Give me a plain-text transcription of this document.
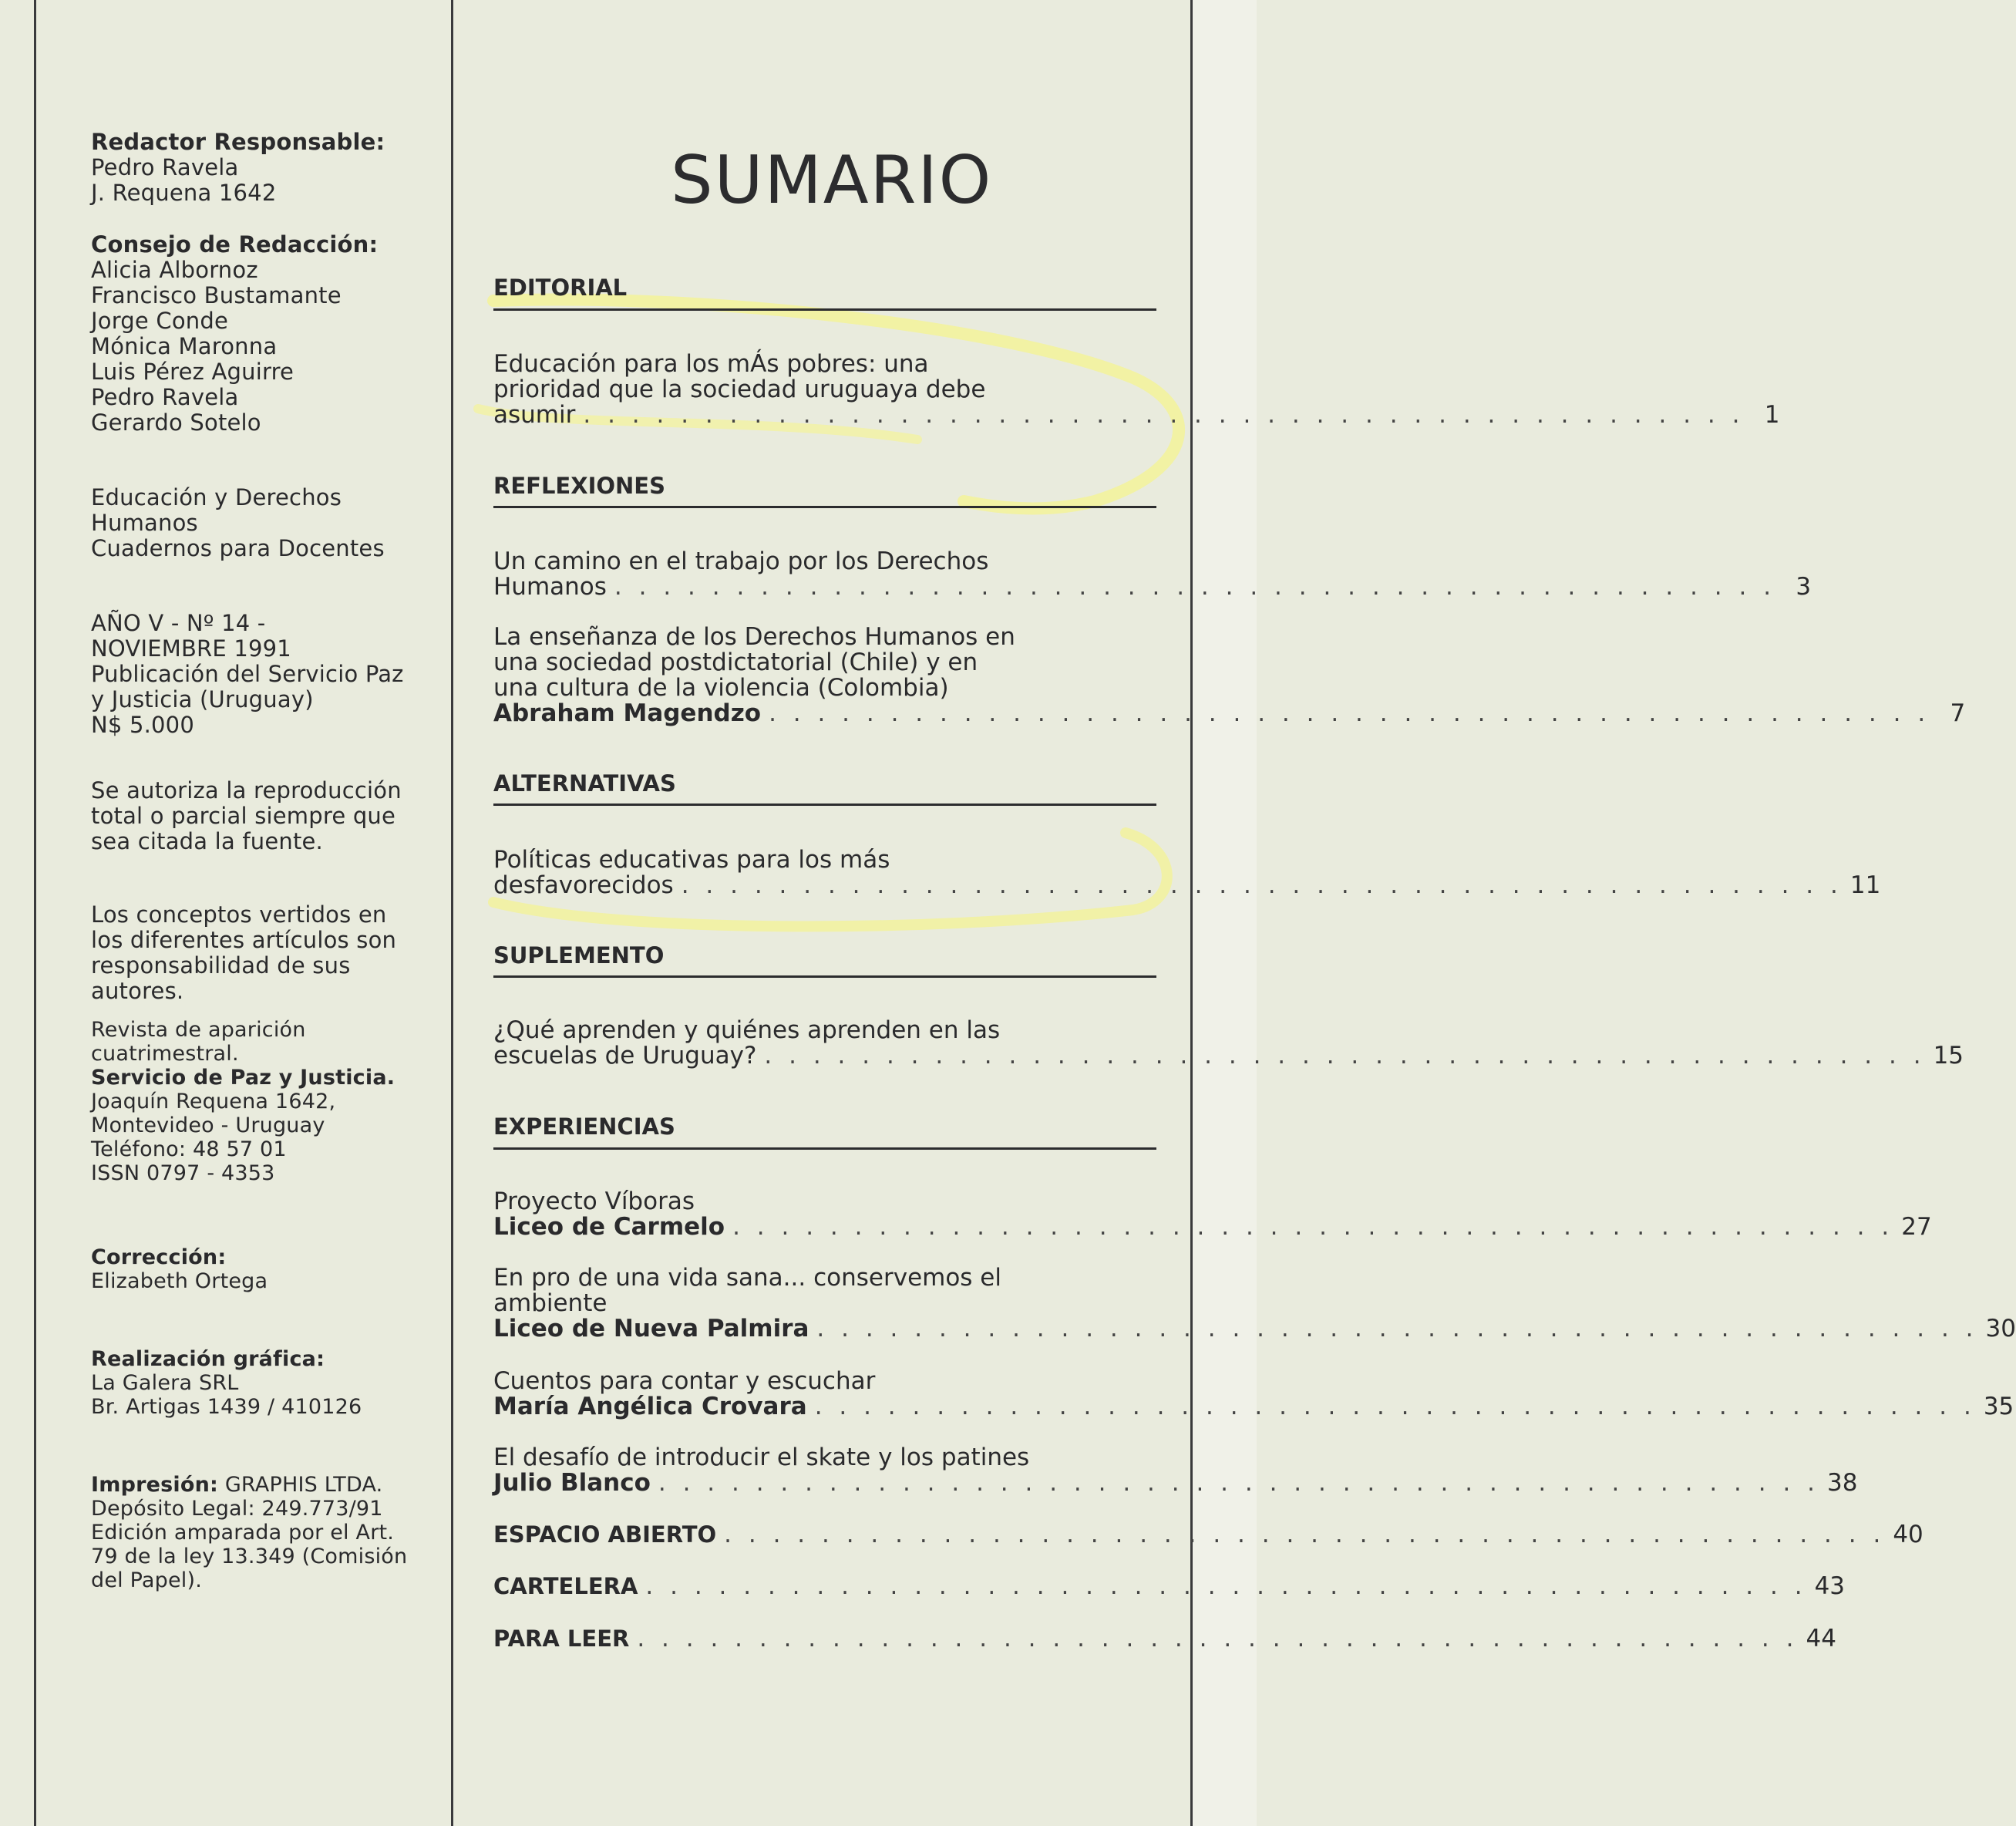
Redactor Responsable:
Pedro Ravela
J. Requena 1642
Consejo de Redacción:
Alicia Albornoz
Francisco Bustamante
Jorge Conde
Mónica Maronna
Luis Pérez Aguirre
Pedro Ravela
Gerardo Sotelo
Educación y Derechos
Humanos
Cuadernos para Docentes
AÑO V - Nº 14 -
NOVIEMBRE 1991
Publicación del Servicio Paz
y Justicia (Uruguay)
N$ 5.000
Se autoriza la reproducción
total o parcial siempre que
sea citada la fuente.
Los conceptos vertidos en
los diferentes artículos son
responsabilidad de sus
autores.
Revista de aparición
cuatrimestral.
Servicio de Paz y Justicia.
Joaquín Requena 1642,
Montevideo - Uruguay
Teléfono: 48 57 01
ISSN 0797 - 4353
Corrección:
Elizabeth Ortega
Realización gráfica:
La Galera SRL
Br. Artigas 1439 / 410126
Impresión: GRAPHIS LTDA.
Depósito Legal: 249.773/91
Edición amparada por el Art.
79 de la ley 13.349 (Comisión
del Papel).
SUMARIO
EDITORIAL
Educación para los mÁs pobres: una
prioridad que la sociedad uruguaya debe
asumir . . . . . . . . . . . . . . . . . . . . . . . . . . . . . . . . . . . . . . . . . . . . . . . . 1
REFLEXIONES
Un camino en el trabajo por los Derechos
Humanos . . . . . . . . . . . . . . . . . . . . . . . . . . . . . . . . . . . . . . . . . . . . . . . . 3
La enseñanza de los Derechos Humanos en
una sociedad postdictatorial (Chile) y en
una cultura de la violencia (Colombia)
Abraham Magendzo . . . . . . . . . . . . . . . . . . . . . . . . . . . . . . . . . . . . . . . . . . . . . . . . 7
ALTERNATIVAS
Políticas educativas para los más
desfavorecidos . . . . . . . . . . . . . . . . . . . . . . . . . . . . . . . . . . . . . . . . . . . . . . . . 11
SUPLEMENTO
¿Qué aprenden y quiénes aprenden en las
escuelas de Uruguay? . . . . . . . . . . . . . . . . . . . . . . . . . . . . . . . . . . . . . . . . . . . . . . . . 15
EXPERIENCIAS
Proyecto Víboras
Liceo de Carmelo . . . . . . . . . . . . . . . . . . . . . . . . . . . . . . . . . . . . . . . . . . . . . . . . 27
En pro de una vida sana... conservemos el
ambiente
Liceo de Nueva Palmira . . . . . . . . . . . . . . . . . . . . . . . . . . . . . . . . . . . . . . . . . . . . . . . . 30
Cuentos para contar y escuchar
María Angélica Crovara . . . . . . . . . . . . . . . . . . . . . . . . . . . . . . . . . . . . . . . . . . . . . . . . 35
El desafío de introducir el skate y los patines
Julio Blanco . . . . . . . . . . . . . . . . . . . . . . . . . . . . . . . . . . . . . . . . . . . . . . . . 38
ESPACIO ABIERTO . . . . . . . . . . . . . . . . . . . . . . . . . . . . . . . . . . . . . . . . . . . . . . . . 40
CARTELERA . . . . . . . . . . . . . . . . . . . . . . . . . . . . . . . . . . . . . . . . . . . . . . . . 43
PARA LEER . . . . . . . . . . . . . . . . . . . . . . . . . . . . . . . . . . . . . . . . . . . . . . . . 44
